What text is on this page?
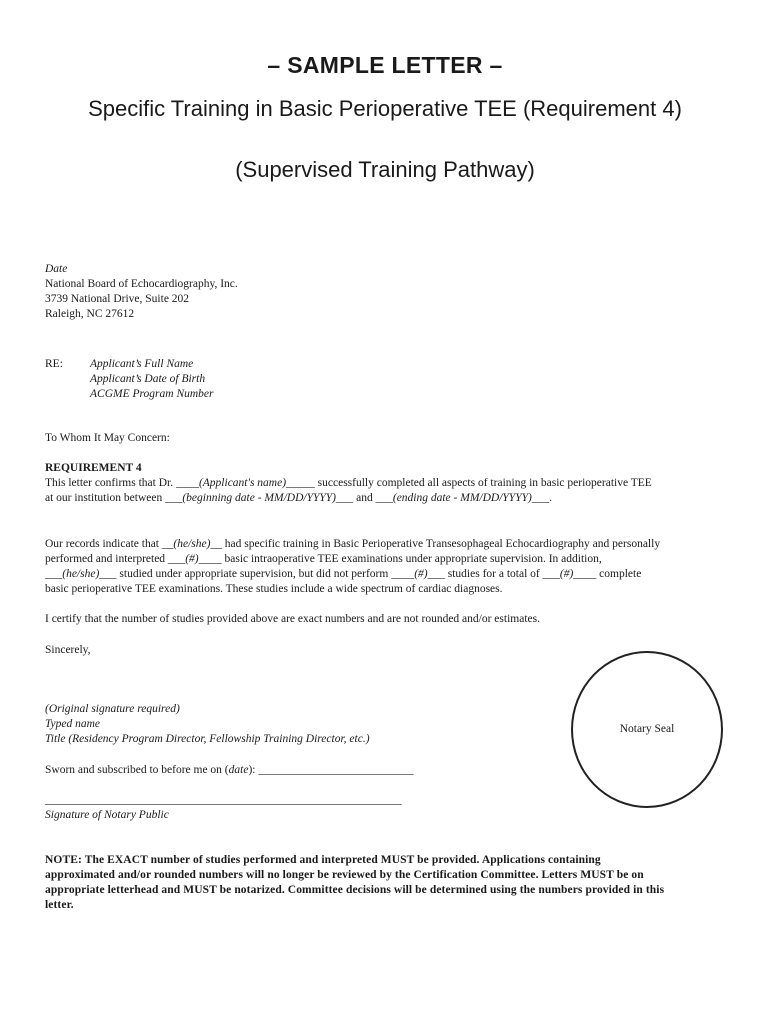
– SAMPLE LETTER –
Specific Training in Basic Perioperative TEE (Requirement 4)
(Supervised Training Pathway)
Date
National Board of Echocardiography, Inc.
3739 National Drive, Suite 202
Raleigh, NC 27612
RE: Applicant’s Full Name
Applicant’s Date of Birth
ACGME Program Number
To Whom It May Concern:
REQUIREMENT 4
This letter confirms that Dr. ____(Applicant's name)_____ successfully completed all aspects of training in basic perioperative TEE
at our institution between ___(beginning date - MM/DD/YYYY)___ and ___(ending date - MM/DD/YYYY)___.
Our records indicate that __(he/she)__ had specific training in Basic Perioperative Transesophageal Echocardiography and personally
performed and interpreted ___(#)____ basic intraoperative TEE examinations under appropriate supervision. In addition,
___(he/she)___ studied under appropriate supervision, but did not perform ____(#)___ studies for a total of ___(#)____ complete
basic perioperative TEE examinations. These studies include a wide spectrum of cardiac diagnoses.
I certify that the number of studies provided above are exact numbers and are not rounded and/or estimates.
Sincerely,
(Original signature required)
Typed name
Title (Residency Program Director, Fellowship Training Director, etc.)
Sworn and subscribed to before me on (date): ___________________________
______________________________________________________________
Signature of Notary Public
Notary Seal
NOTE: The EXACT number of studies performed and interpreted MUST be provided. Applications containing
approximated and/or rounded numbers will no longer be reviewed by the Certification Committee. Letters MUST be on
appropriate letterhead and MUST be notarized. Committee decisions will be determined using the numbers provided in this
letter.
